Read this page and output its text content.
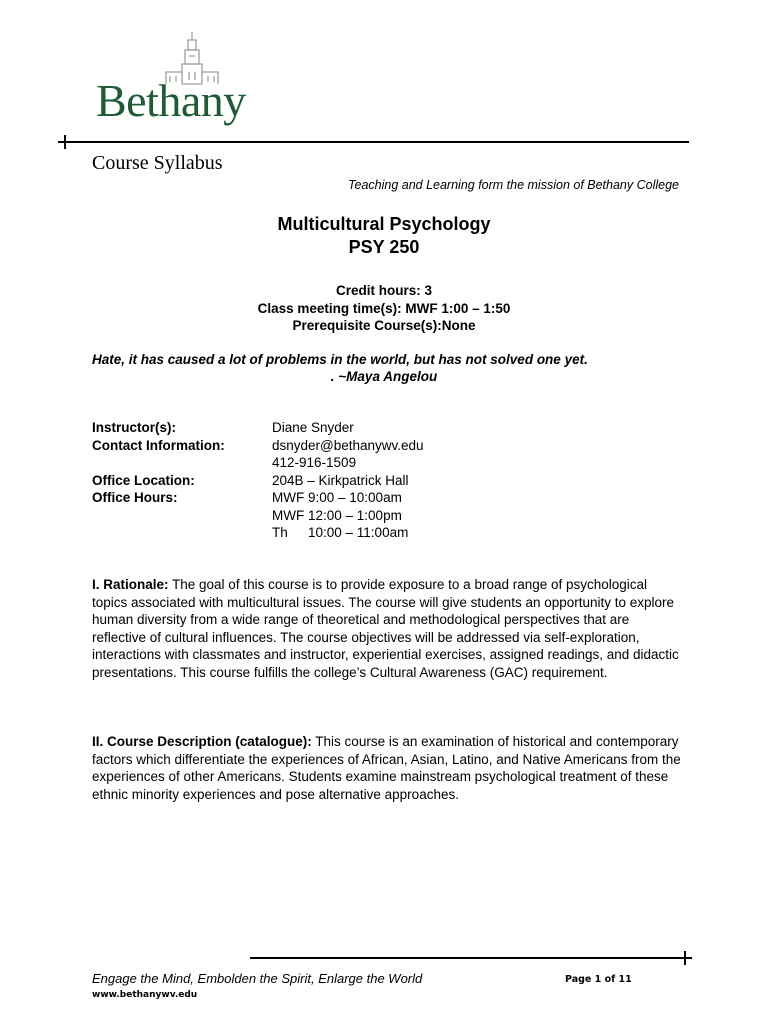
Bethany
Course Syllabus
Teaching and Learning form the mission of Bethany College
Multicultural Psychology
PSY 250
Credit hours: 3
Class meeting time(s): MWF 1:00 – 1:50
Prerequisite Course(s):None
Hate, it has caused a lot of problems in the world, but has not solved one yet.
. ~Maya Angelou
Instructor(s):	Diane Snyder
Contact Information:	dsnyder@bethanywv.edu
412-916-1509
Office Location:	204B – Kirkpatrick Hall
Office Hours:	MWF 9:00 – 10:00am
MWF 12:00 – 1:00pm
Th 10:00 – 11:00am
I. Rationale: The goal of this course is to provide exposure to a broad range of psychological topics associated with multicultural issues. The course will give students an opportunity to explore human diversity from a wide range of theoretical and methodological perspectives that are reflective of cultural influences. The course objectives will be addressed via self-exploration, interactions with classmates and instructor, experiential exercises, assigned readings, and didactic presentations. This course fulfills the college’s Cultural Awareness (GAC) requirement.
II. Course Description (catalogue): This course is an examination of historical and contemporary factors which differentiate the experiences of African, Asian, Latino, and Native Americans from the experiences of other Americans. Students examine mainstream psychological treatment of these ethnic minority experiences and pose alternative approaches.
Engage the Mind, Embolden the Spirit, Enlarge the World	Page 1 of 11
www.bethanywv.edu
